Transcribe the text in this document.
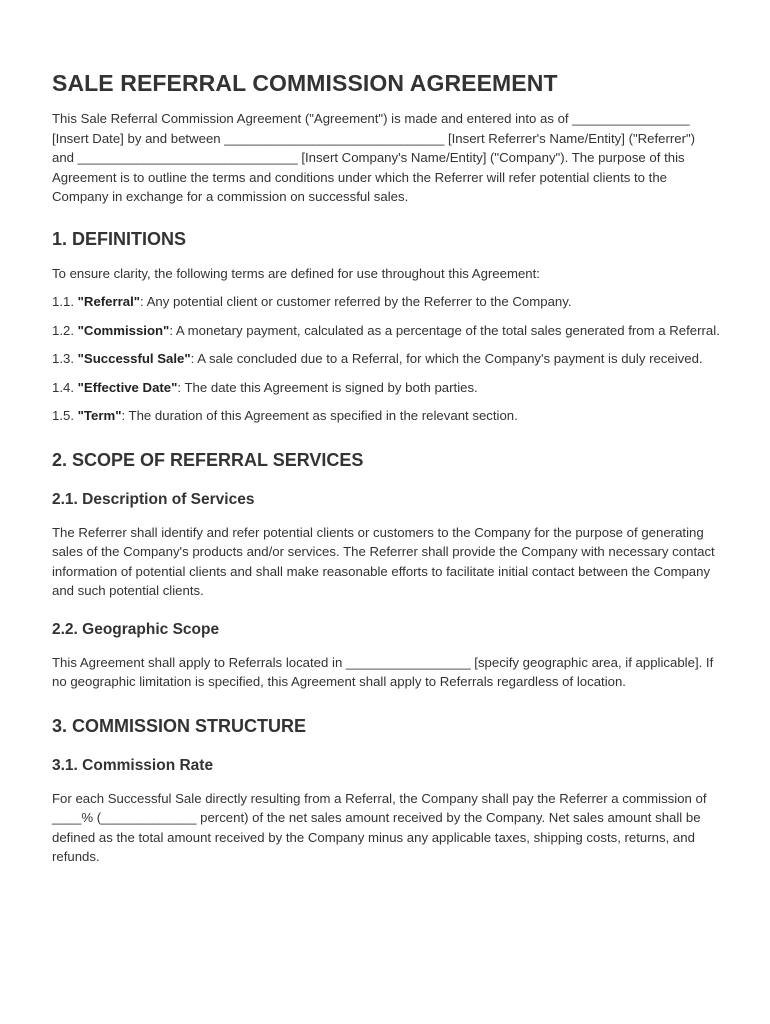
SALE REFERRAL COMMISSION AGREEMENT

This Sale Referral Commission Agreement ("Agreement") is made and entered into as of ________________ [Insert Date] by and between ______________________________ [Insert Referrer's Name/Entity] ("Referrer") and ______________________________ [Insert Company's Name/Entity] ("Company"). The purpose of this Agreement is to outline the terms and conditions under which the Referrer will refer potential clients to the Company in exchange for a commission on successful sales.

1. DEFINITIONS

To ensure clarity, the following terms are defined for use throughout this Agreement:

1.1. "Referral": Any potential client or customer referred by the Referrer to the Company.

1.2. "Commission": A monetary payment, calculated as a percentage of the total sales generated from a Referral.

1.3. "Successful Sale": A sale concluded due to a Referral, for which the Company's payment is duly received.

1.4. "Effective Date": The date this Agreement is signed by both parties.

1.5. "Term": The duration of this Agreement as specified in the relevant section.

2. SCOPE OF REFERRAL SERVICES
2.1. Description of Services

The Referrer shall identify and refer potential clients or customers to the Company for the purpose of generating sales of the Company's products and/or services. The Referrer shall provide the Company with necessary contact information of potential clients and shall make reasonable efforts to facilitate initial contact between the Company and such potential clients.

2.2. Geographic Scope

This Agreement shall apply to Referrals located in _________________ [specify geographic area, if applicable]. If no geographic limitation is specified, this Agreement shall apply to Referrals regardless of location.

3. COMMISSION STRUCTURE
3.1. Commission Rate

For each Successful Sale directly resulting from a Referral, the Company shall pay the Referrer a commission of ____% (_____________ percent) of the net sales amount received by the Company. Net sales amount shall be defined as the total amount received by the Company minus any applicable taxes, shipping costs, returns, and refunds.
